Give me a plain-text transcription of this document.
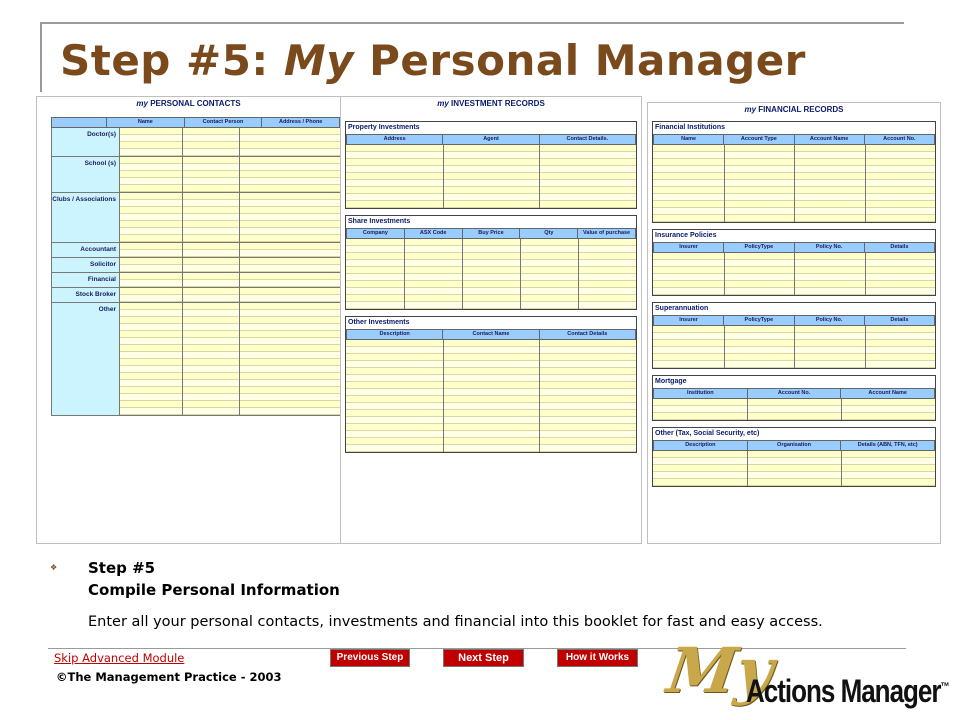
Step #5: My Personal Manager
my PERSONAL CONTACTS
Name	Contact Person	Address / Phone
Doctor(s)
School (s)
Clubs / Associations
Accountant
Solicitor
Financial
Stock Broker
Other
my INVESTMENT RECORDS
Property Investments
Address	Agent	Contact Details.
Share Investments
Company	ASX Code	Buy Price	Qty	Value of purchase
Other Investments
Description	Contact Name	Contact Details
my FINANCIAL RECORDS
Financial Institutions
Name	Account Type	Account Name	Account No.
Insurance Policies
Insurer	PolicyType	Policy No.	Details
Superannuation
Insurer	PolicyType	Policy No.	Details
Mortgage
Institution	Account No.	Account Name
Other (Tax, Social Security, etc)
Description	Organisation	Details (ABN, TFN, etc)
❖ Step #5
Compile Personal Information
Enter all your personal contacts, investments and financial into this booklet for fast and easy access.
Skip Advanced Module
©The Management Practice - 2003
Previous Step	Next Step	How it Works My
Actions Manager™
